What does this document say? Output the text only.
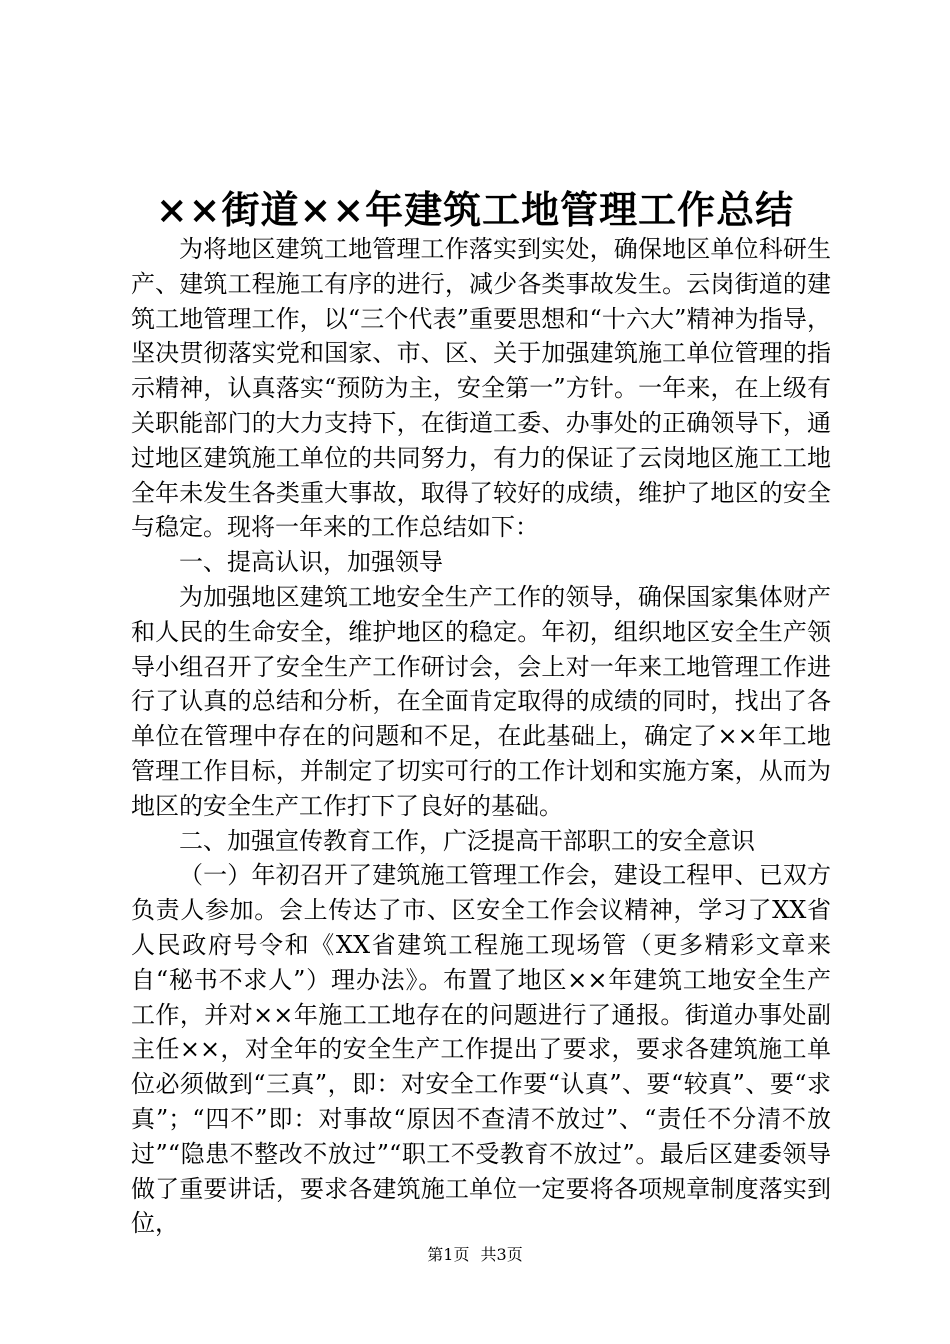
××街道××年建筑工地管理工作总结

为将地区建筑工地管理工作落实到实处，确保地区单位科研生产、建筑工程施工有序的进行，减少各类事故发生。云岗街道的建筑工地管理工作，以“三个代表”重要思想和“十六大”精神为指导，坚决贯彻落实党和国家、市、区、关于加强建筑施工单位管理的指示精神，认真落实“预防为主，安全第一”方针。一年来，在上级有关职能部门的大力支持下，在街道工委、办事处的正确领导下，通过地区建筑施工单位的共同努力，有力的保证了云岗地区施工工地全年未发生各类重大事故，取得了较好的成绩，维护了地区的安全与稳定。现将一年来的工作总结如下：

一、提高认识，加强领导

为加强地区建筑工地安全生产工作的领导，确保国家集体财产和人民的生命安全，维护地区的稳定。年初，组织地区安全生产领导小组召开了安全生产工作研讨会，会上对一年来工地管理工作进行了认真的总结和分析，在全面肯定取得的成绩的同时，找出了各单位在管理中存在的问题和不足，在此基础上，确定了××年工地管理工作目标，并制定了切实可行的工作计划和实施方案，从而为地区的安全生产工作打下了良好的基础。

二、加强宣传教育工作，广泛提高干部职工的安全意识

（一）年初召开了建筑施工管理工作会，建设工程甲、已双方负责人参加。会上传达了市、区安全工作会议精神，学习了XX省人民政府号令和《XX省建筑工程施工现场管（更多精彩文章来自“秘书不求人”）理办法》。布置了地区××年建筑工地安全生产工作，并对××年施工工地存在的问题进行了通报。街道办事处副主任××，对全年的安全生产工作提出了要求，要求各建筑施工单位必须做到“三真”，即：对安全工作要“认真”、要“较真”、要“求真”；“四不”即：对事故“原因不查清不放过”、“责任不分清不放过”“隐患不整改不放过”“职工不受教育不放过”。最后区建委领导做了重要讲话，要求各建筑施工单位一定要将各项规章制度落实到位，

第1页 共3页
